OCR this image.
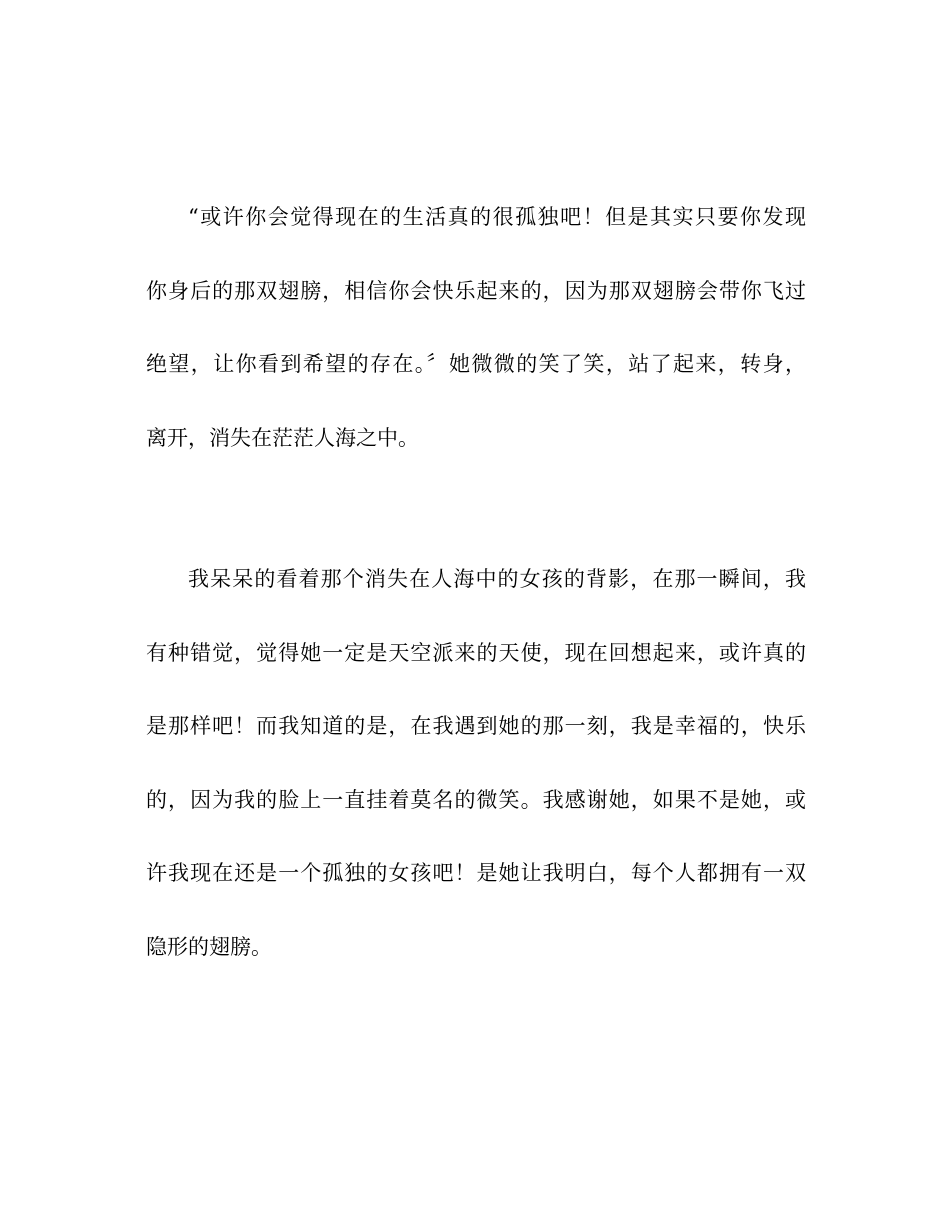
“或许你会觉得现在的生活真的很孤独吧！但是其实只要你发现
你身后的那双翅膀，相信你会快乐起来的，因为那双翅膀会带你飞过
绝望，让你看到希望的存在。〞她微微的笑了笑，站了起来，转身，
离开，消失在茫茫人海之中。
我呆呆的看着那个消失在人海中的女孩的背影，在那一瞬间，我
有种错觉，觉得她一定是天空派来的天使，现在回想起来，或许真的
是那样吧！而我知道的是，在我遇到她的那一刻，我是幸福的，快乐
的，因为我的脸上一直挂着莫名的微笑。我感谢她，如果不是她，或
许我现在还是一个孤独的女孩吧！是她让我明白，每个人都拥有一双
隐形的翅膀。
